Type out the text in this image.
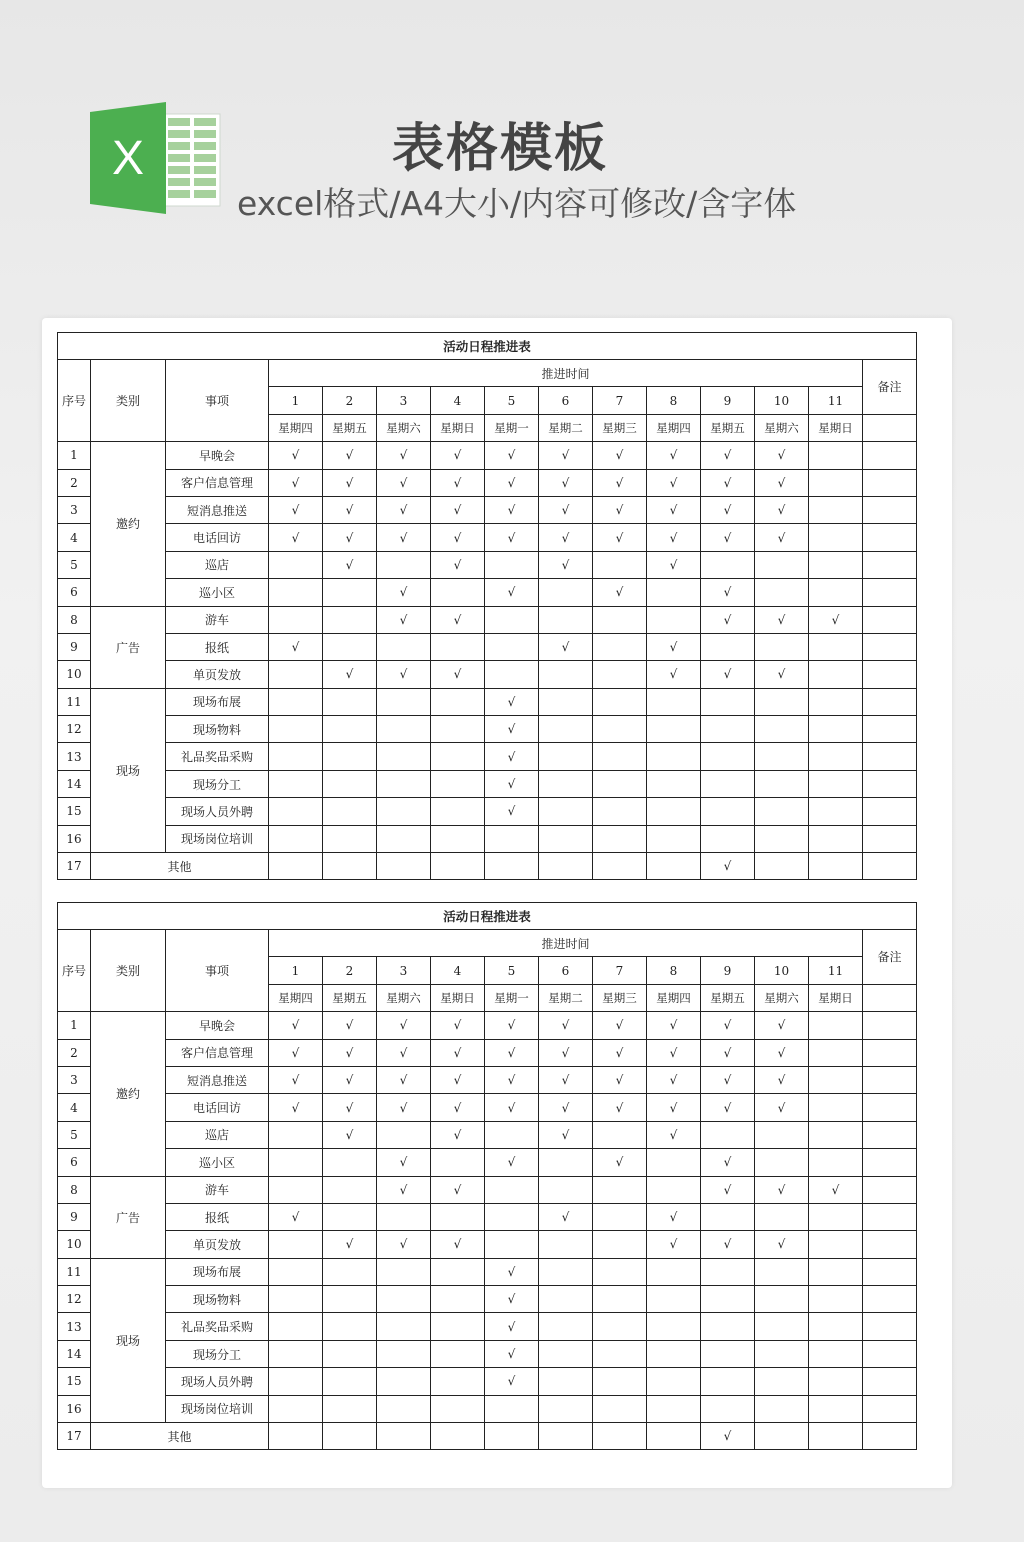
X	表格模板
excel格式/A4大小/内容可修改/含字体
活动日程推进表														
序号	类别	事项	推进时间											备注
			1	2	3	4	5	6	7	8	9	10	11	
			星期四	星期五	星期六	星期日	星期一	星期二	星期三	星期四	星期五	星期六	星期日	
1	邀约	早晚会	√	√	√	√	√	√	√	√	√	√		
2		客户信息管理	√	√	√	√	√	√	√	√	√	√		
3		短消息推送	√	√	√	√	√	√	√	√	√	√		
4		电话回访	√	√	√	√	√	√	√	√	√	√		
5		巡店		√		√		√		√				
6		巡小区			√		√		√		√			
8	广告	游车			√	√					√	√	√	
9		报纸	√					√		√				
10		单页发放		√	√	√				√	√	√		
11	现场	现场布展					√							
12		现场物料					√							
13		礼品奖品采购					√							
14		现场分工					√							
15		现场人员外聘					√							
16		现场岗位培训												
17	其他										√			
活动日程推进表														
序号	类别	事项	推进时间											备注
			1	2	3	4	5	6	7	8	9	10	11	
			星期四	星期五	星期六	星期日	星期一	星期二	星期三	星期四	星期五	星期六	星期日	
1	邀约	早晚会	√	√	√	√	√	√	√	√	√	√		
2		客户信息管理	√	√	√	√	√	√	√	√	√	√		
3		短消息推送	√	√	√	√	√	√	√	√	√	√		
4		电话回访	√	√	√	√	√	√	√	√	√	√		
5		巡店		√		√		√		√				
6		巡小区			√		√		√		√			
8	广告	游车			√	√					√	√	√	
9		报纸	√					√		√				
10		单页发放		√	√	√				√	√	√		
11	现场	现场布展					√							
12		现场物料					√							
13		礼品奖品采购					√							
14		现场分工					√							
15		现场人员外聘					√							
16		现场岗位培训												
17	其他										√			
